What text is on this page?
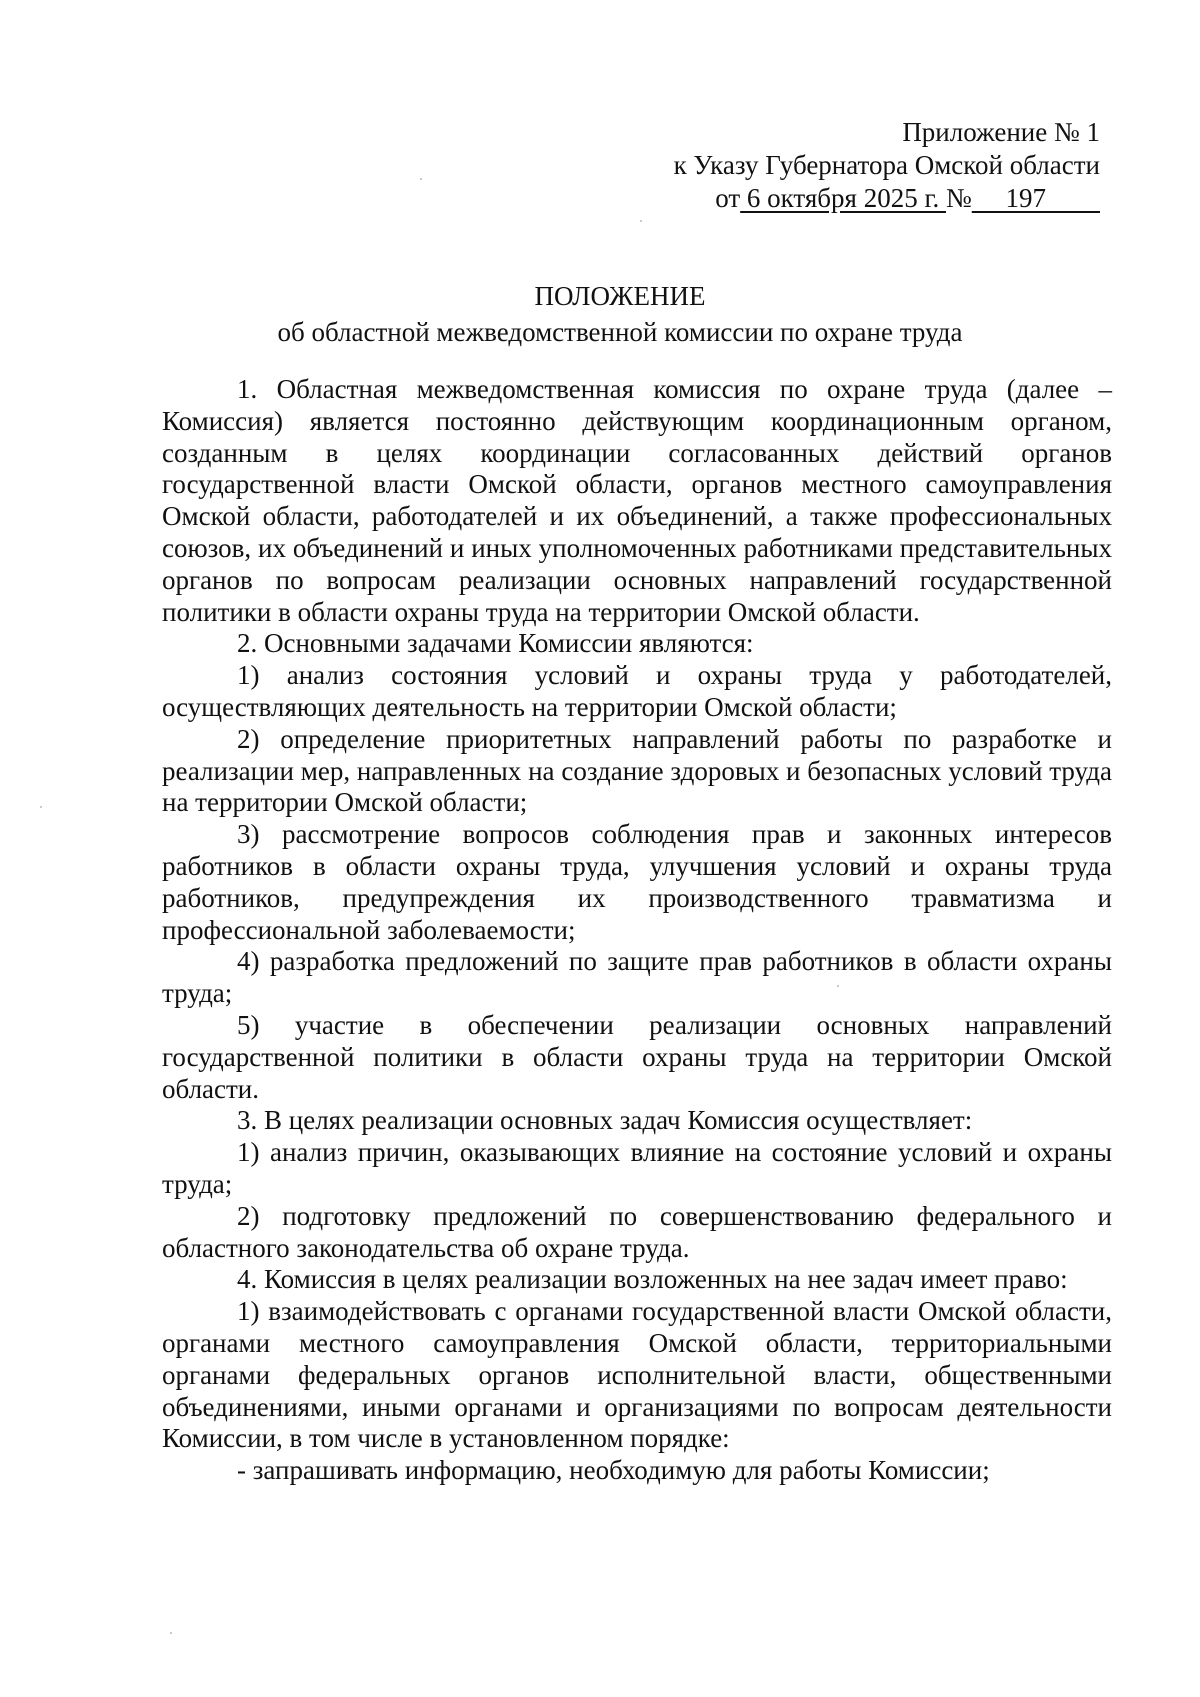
Приложение № 1
к Указу Губернатора Омской области
от 6 октября 2025 г. №     197
ПОЛОЖЕНИЕ
об областной межведомственной комиссии по охране труда

1. Областная межведомственная комиссия по охране труда (далее – Комиссия) является постоянно действующим координационным органом, созданным в целях координации согласованных действий органов государственной власти Омской области, органов местного самоуправления Омской области, работодателей и их объединений, а также профессиональных союзов, их объединений и иных уполномоченных работниками представительных органов по вопросам реализации основных направлений государственной политики в области охраны труда на территории Омской области.

2. Основными задачами Комиссии являются:

1) анализ состояния условий и охраны труда у работодателей, осуществляющих деятельность на территории Омской области;

2) определение приоритетных направлений работы по разработке и реализации мер, направленных на создание здоровых и безопасных условий труда на территории Омской области;

3) рассмотрение вопросов соблюдения прав и законных интересов работников в области охраны труда, улучшения условий и охраны труда работников, предупреждения их производственного травматизма и профессиональной заболеваемости;

4) разработка предложений по защите прав работников в области охраны труда;

5) участие в обеспечении реализации основных направлений государственной политики в области охраны труда на территории Омской области.

3. В целях реализации основных задач Комиссия осуществляет:

1) анализ причин, оказывающих влияние на состояние условий и охраны труда;

2) подготовку предложений по совершенствованию федерального и областного законодательства об охране труда.

4. Комиссия в целях реализации возложенных на нее задач имеет право:

1) взаимодействовать с органами государственной власти Омской области, органами местного самоуправления Омской области, территориальными органами федеральных органов исполнительной власти, общественными объединениями, иными органами и организациями по вопросам деятельности Комиссии, в том числе в установленном порядке:

- запрашивать информацию, необходимую для работы Комиссии;
